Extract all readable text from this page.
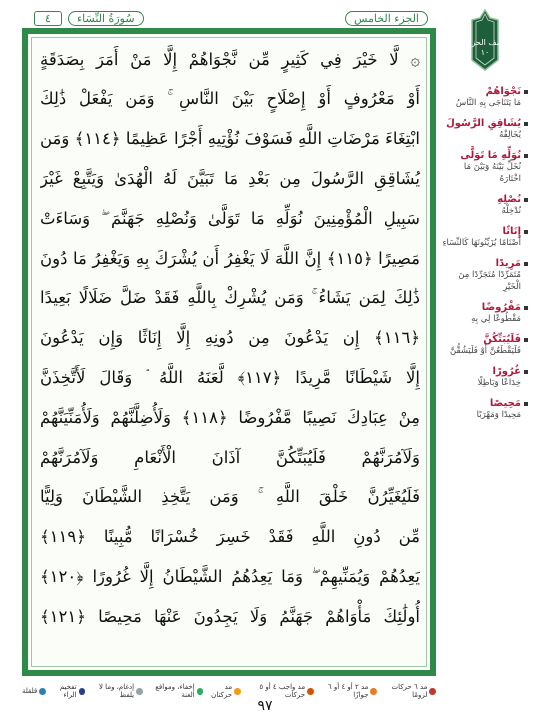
٤	سُورَةُ النِّسَاء	الجزء الخامس
۞ لَّا خَيْرَ فِي كَثِيرٍ مِّن نَّجْوَاهُمْ إِلَّا مَنْ أَمَرَ بِصَدَقَةٍ
أَوْ مَعْرُوفٍ أَوْ إِصْلَاحٍ بَيْنَ النَّاسِ ۚ وَمَن يَفْعَلْ ذَٰلِكَ
ابْتِغَاءَ مَرْضَاتِ اللَّهِ فَسَوْفَ نُؤْتِيهِ أَجْرًا عَظِيمًا ﴿١١٤﴾ وَمَن
يُشَاقِقِ الرَّسُولَ مِن بَعْدِ مَا تَبَيَّنَ لَهُ الْهُدَىٰ وَيَتَّبِعْ غَيْرَ
سَبِيلِ الْمُؤْمِنِينَ نُوَلِّهِ مَا تَوَلَّىٰ وَنُصْلِهِ جَهَنَّمَ ۖ وَسَاءَتْ
مَصِيرًا ﴿١١٥﴾ إِنَّ اللَّهَ لَا يَغْفِرُ أَن يُشْرَكَ بِهِ وَيَغْفِرُ مَا دُونَ
ذَٰلِكَ لِمَن يَشَاءُ ۚ وَمَن يُشْرِكْ بِاللَّهِ فَقَدْ ضَلَّ ضَلَالًا بَعِيدًا
﴿١١٦﴾ إِن يَدْعُونَ مِن دُونِهِ إِلَّا إِنَاثًا وَإِن يَدْعُونَ
إِلَّا شَيْطَانًا مَّرِيدًا ﴿١١٧﴾ لَّعَنَهُ اللَّهُ ۘ وَقَالَ لَأَتَّخِذَنَّ
مِنْ عِبَادِكَ نَصِيبًا مَّفْرُوضًا ﴿١١٨﴾ وَلَأُضِلَّنَّهُمْ وَلَأُمَنِّيَنَّهُمْ
وَلَآمُرَنَّهُمْ فَلَيُبَتِّكُنَّ آذَانَ الْأَنْعَامِ وَلَآمُرَنَّهُمْ
فَلَيُغَيِّرُنَّ خَلْقَ اللَّهِ ۚ وَمَن يَتَّخِذِ الشَّيْطَانَ وَلِيًّا
مِّن دُونِ اللَّهِ فَقَدْ خَسِرَ خُسْرَانًا مُّبِينًا ﴿١١٩﴾
يَعِدُهُمْ وَيُمَنِّيهِمْ ۖ وَمَا يَعِدُهُمُ الشَّيْطَانُ إِلَّا غُرُورًا ﴿١٢٠﴾
أُولَٰئِكَ مَأْوَاهُمْ جَهَنَّمُ وَلَا يَجِدُونَ عَنْهَا مَحِيصًا ﴿١٢١﴾
نصف الحزب
١٠
نَجْوَاهُمْ
مَا يَتَنَاجَى بِهِ النَّاسُ
يُشَاقِقِ الرَّسُولَ
يُخَالِفْهُ
نُوَلِّهِ مَا تَوَلَّى
نُخَلِّ بَيْنَهُ وَبَيْنَ مَا اخْتَارَهُ
نُصْلِهِ
نُدْخِلْهُ
إِنَاثًا
أَصْنَامًا يُزَيِّنُونَهَا كَالنِّسَاءِ
مَرِيدًا
مُتَمَرِّدًا مُتَجَرِّدًا مِنَ الْخَيْرِ
مَفْرُوضًا
مَقْطُوعًا لِي بِهِ
فَلَيُبَتِّكُنَّ
فَلَيَقْطَعُنَّ أَوْ فَلَيَشُقُّنَّ
غُرُورًا
خِدَاعًا وَبَاطِلًا
مَحِيصًا
مَحِيدًا وَمَهْرَبًا
مد ٦ حركات لزومًا
مد ٢ أو ٤ أو ٦ جوازًا
مد واجب ٤ أو ٥ حركات
مد حركتان
إخفاء، ومواقع الغنة
إدغام، وما لا يلفظ
تفخيم الراء
قلقلة
٩٧
